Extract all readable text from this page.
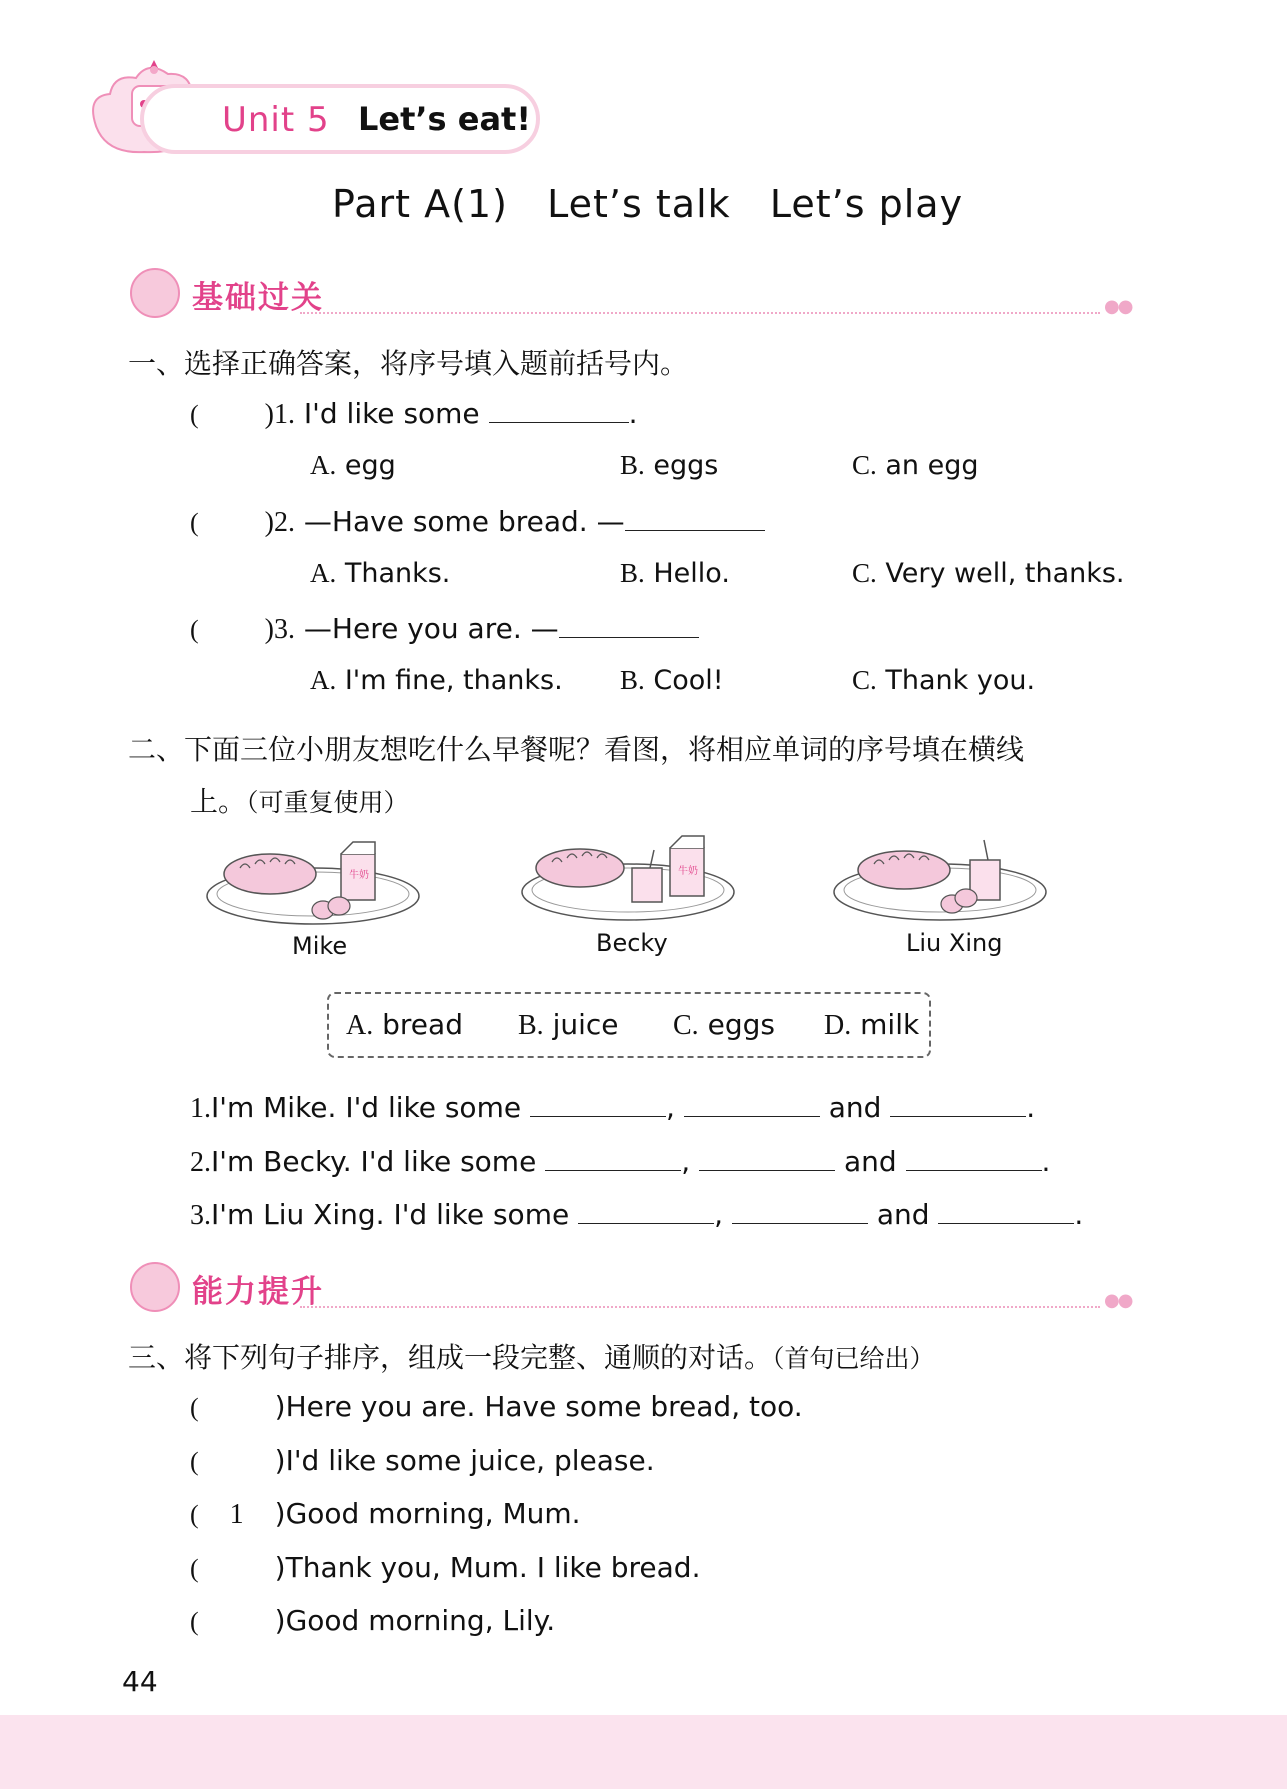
Unit 5 Let’s eat!
Part A(1)   Let’s talk   Let’s play
基础过关	●●
一、选择正确答案，将序号填入题前括号内。
( )1. I'd like some	.
A. egg	B. eggs	C. an egg
( )2. —Have some bread. —
A. Thanks.	B. Hello.	C. Very well, thanks.
( )3. —Here you are. —
A. I'm fine, thanks. B. Cool!	C. Thank you.
二、下面三位小朋友想吃什么早餐呢？看图，将相应单词的序号填在横线
上。（可重复使用）
牛奶	牛奶
Mike	Becky	Liu Xing
A. bread B. juice C. eggs D. milk
1.I'm Mike. I'd like some	,	and	.
2.I'm Becky. I'd like some	,	and	.
3.I'm Liu Xing. I'd like some	,	and	.
能力提升	●●
三、将下列句子排序，组成一段完整、通顺的对话。（首句已给出）
(	)Here you are. Have some bread, too.
(	)I'd like some juice, please.
( 1 )Good morning, Mum.
(	)Thank you, Mum. I like bread.
(	)Good morning, Lily.
44
